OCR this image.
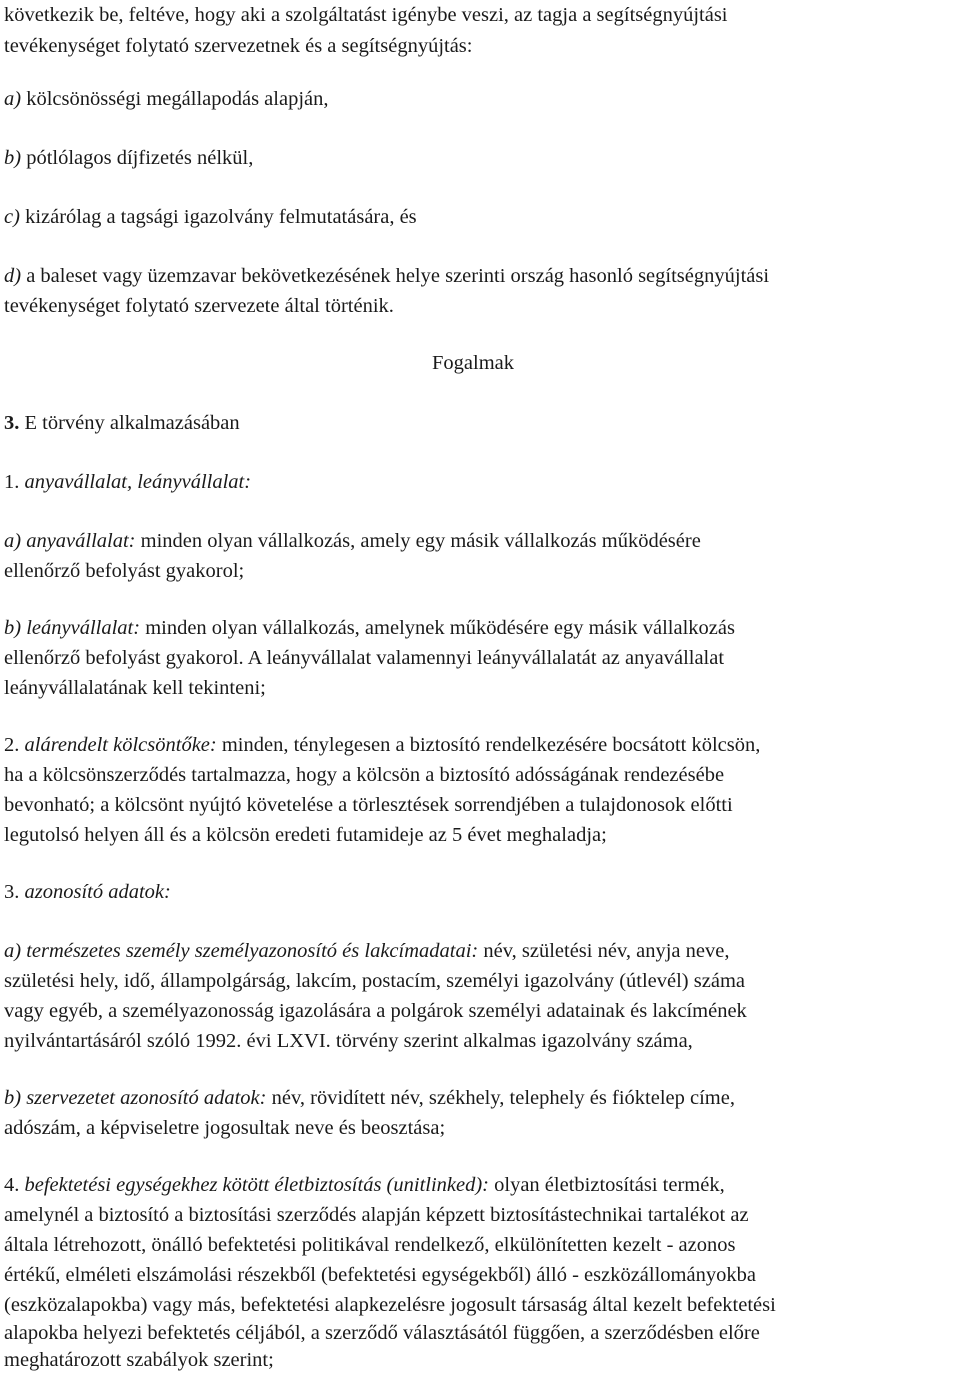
következik be, feltéve, hogy aki a szolgáltatást igénybe veszi, az tagja a segítségnyújtási
tevékenységet folytató szervezetnek és a segítségnyújtás:
a) kölcsönösségi megállapodás alapján,
b) pótlólagos díjfizetés nélkül,
c) kizárólag a tagsági igazolvány felmutatására, és
d) a baleset vagy üzemzavar bekövetkezésének helye szerinti ország hasonló segítségnyújtási
tevékenységet folytató szervezete által történik.
Fogalmak
3. E törvény alkalmazásában
1. anyavállalat, leányvállalat:
a) anyavállalat: minden olyan vállalkozás, amely egy másik vállalkozás működésére
ellenőrző befolyást gyakorol;
b) leányvállalat: minden olyan vállalkozás, amelynek működésére egy másik vállalkozás
ellenőrző befolyást gyakorol. A leányvállalat valamennyi leányvállalatát az anyavállalat
leányvállalatának kell tekinteni;
2. alárendelt kölcsöntőke: minden, ténylegesen a biztosító rendelkezésére bocsátott kölcsön,
ha a kölcsönszerződés tartalmazza, hogy a kölcsön a biztosító adósságának rendezésébe
bevonható; a kölcsönt nyújtó követelése a törlesztések sorrendjében a tulajdonosok előtti
legutolsó helyen áll és a kölcsön eredeti futamideje az 5 évet meghaladja;
3. azonosító adatok:
a) természetes személy személyazonosító és lakcímadatai: név, születési név, anyja neve,
születési hely, idő, állampolgárság, lakcím, postacím, személyi igazolvány (útlevél) száma
vagy egyéb, a személyazonosság igazolására a polgárok személyi adatainak és lakcímének
nyilvántartásáról szóló 1992. évi LXVI. törvény szerint alkalmas igazolvány száma,
b) szervezetet azonosító adatok: név, rövidített név, székhely, telephely és fióktelep címe,
adószám, a képviseletre jogosultak neve és beosztása;
4. befektetési egységekhez kötött életbiztosítás (unitlinked): olyan életbiztosítási termék,
amelynél a biztosító a biztosítási szerződés alapján képzett biztosítástechnikai tartalékot az
általa létrehozott, önálló befektetési politikával rendelkező, elkülönítetten kezelt - azonos
értékű, elméleti elszámolási részekből (befektetési egységekből) álló - eszközállományokba
(eszközalapokba) vagy más, befektetési alapkezelésre jogosult társaság által kezelt befektetési
alapokba helyezi befektetés céljából, a szerződő választásától függően, a szerződésben előre
meghatározott szabályok szerint;
